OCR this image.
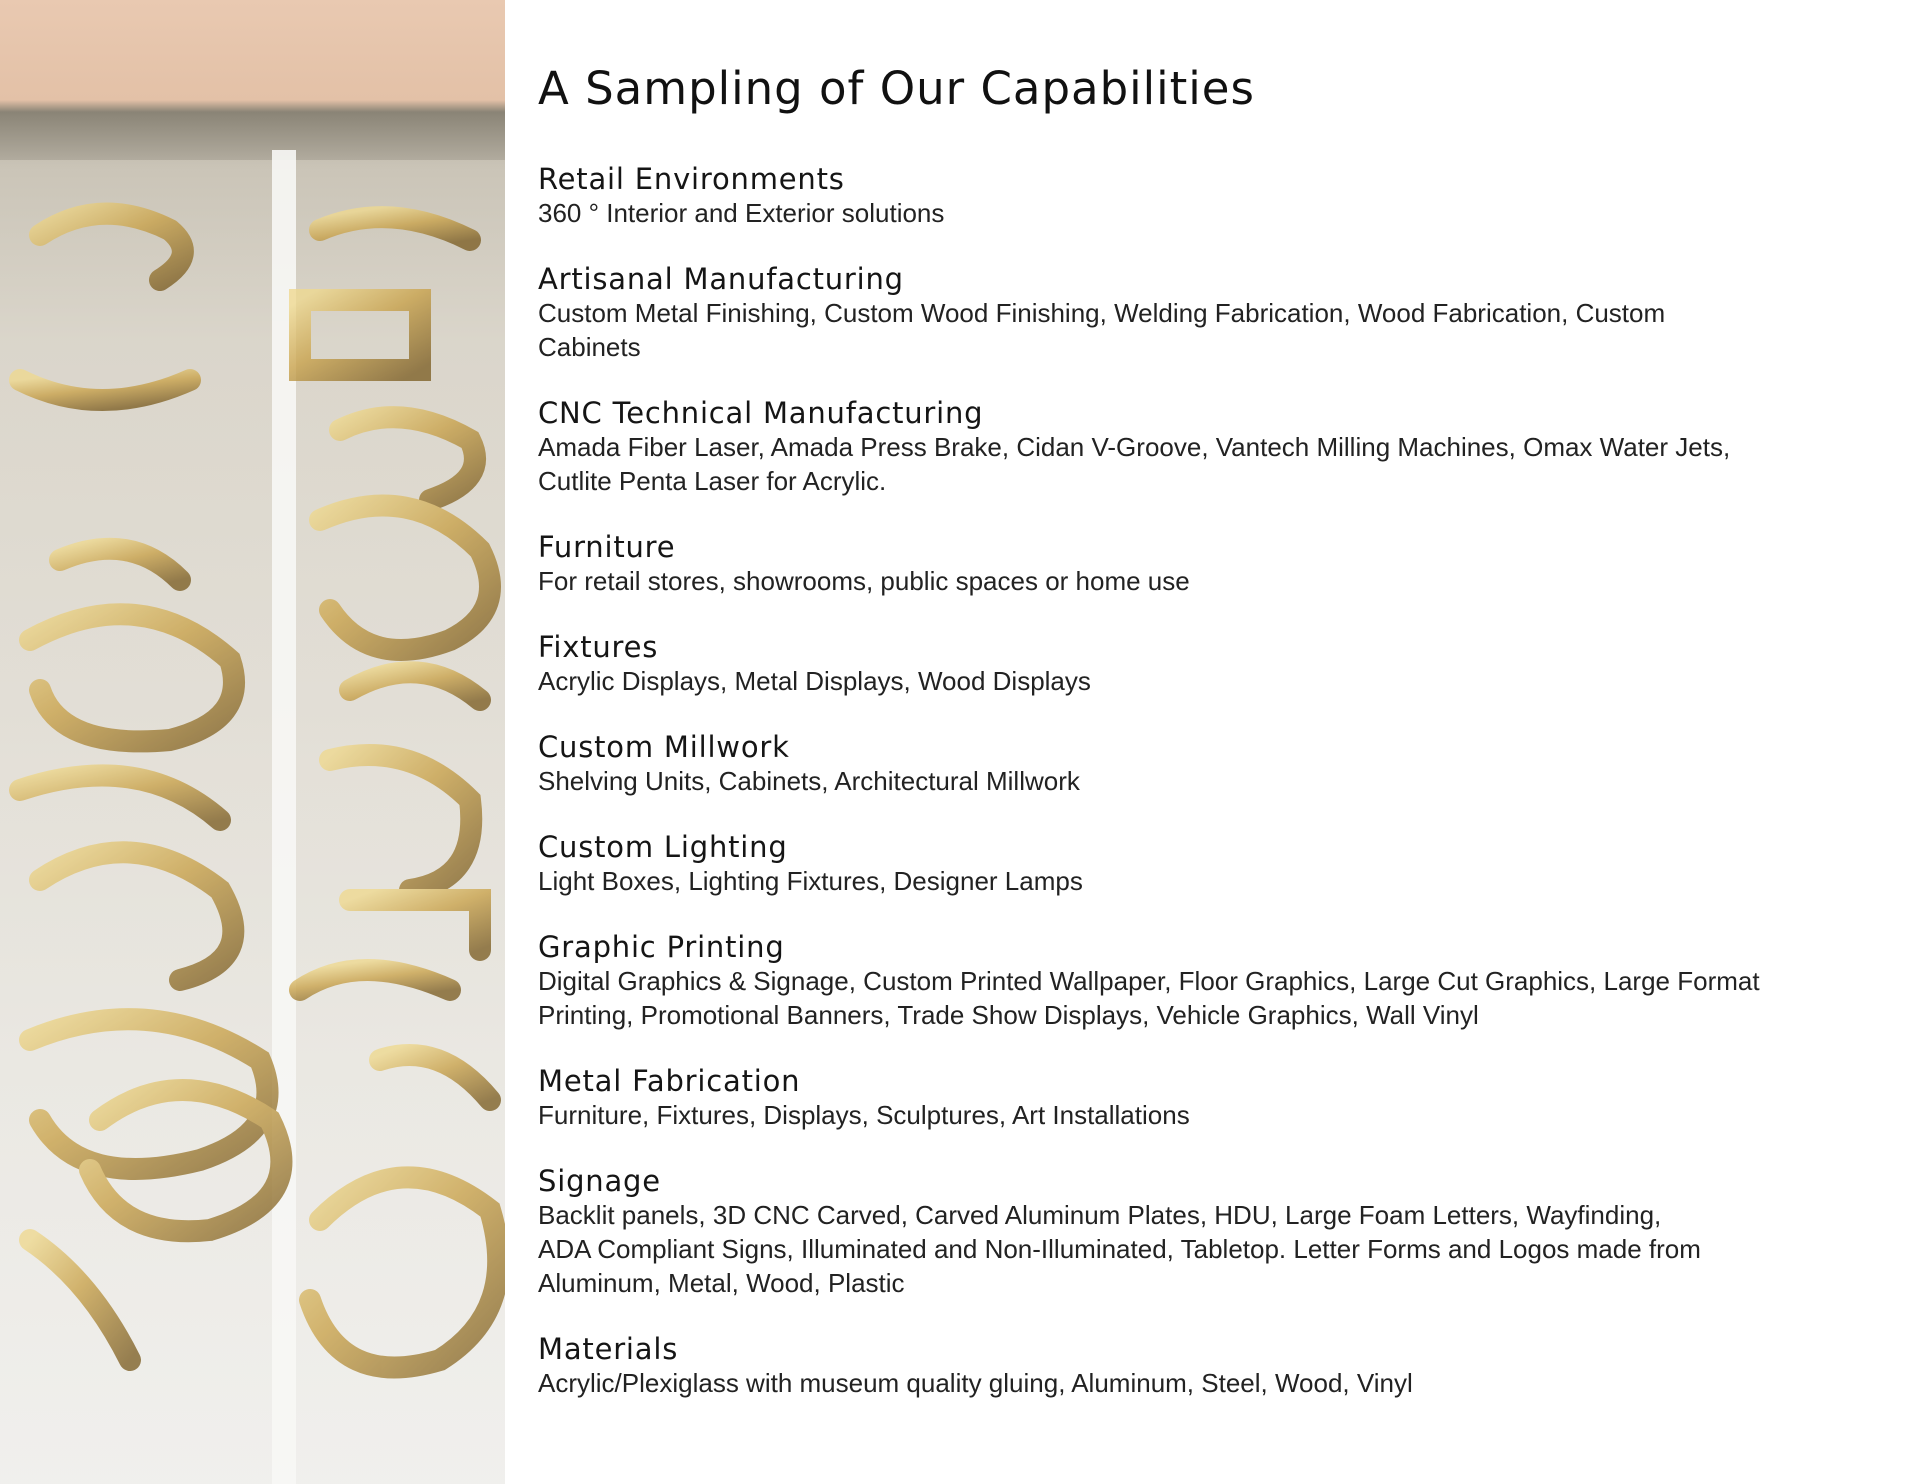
A Sampling of Our Capabilities
Retail Environments

360 ° Interior and Exterior solutions

Artisanal Manufacturing

Custom Metal Finishing, Custom Wood Finishing, Welding Fabrication, Wood Fabrication, Custom
Cabinets

CNC Technical Manufacturing

Amada Fiber Laser, Amada Press Brake, Cidan V-Groove, Vantech Milling Machines, Omax Water Jets,
Cutlite Penta Laser for Acrylic.

Furniture

For retail stores, showrooms, public spaces or home use

Fixtures

Acrylic Displays, Metal Displays, Wood Displays

Custom Millwork

Shelving Units, Cabinets, Architectural Millwork

Custom Lighting

Light Boxes, Lighting Fixtures, Designer Lamps

Graphic Printing

Digital Graphics & Signage, Custom Printed Wallpaper, Floor Graphics, Large Cut Graphics, Large Format
Printing, Promotional Banners, Trade Show Displays, Vehicle Graphics, Wall Vinyl

Metal Fabrication

Furniture, Fixtures, Displays, Sculptures, Art Installations

Signage

Backlit panels, 3D CNC Carved, Carved Aluminum Plates, HDU, Large Foam Letters, Wayfinding,
ADA Compliant Signs, Illuminated and Non-Illuminated, Tabletop. Letter Forms and Logos made from
Aluminum, Metal, Wood, Plastic

Materials

Acrylic/Plexiglass with museum quality gluing, Aluminum, Steel, Wood, Vinyl
